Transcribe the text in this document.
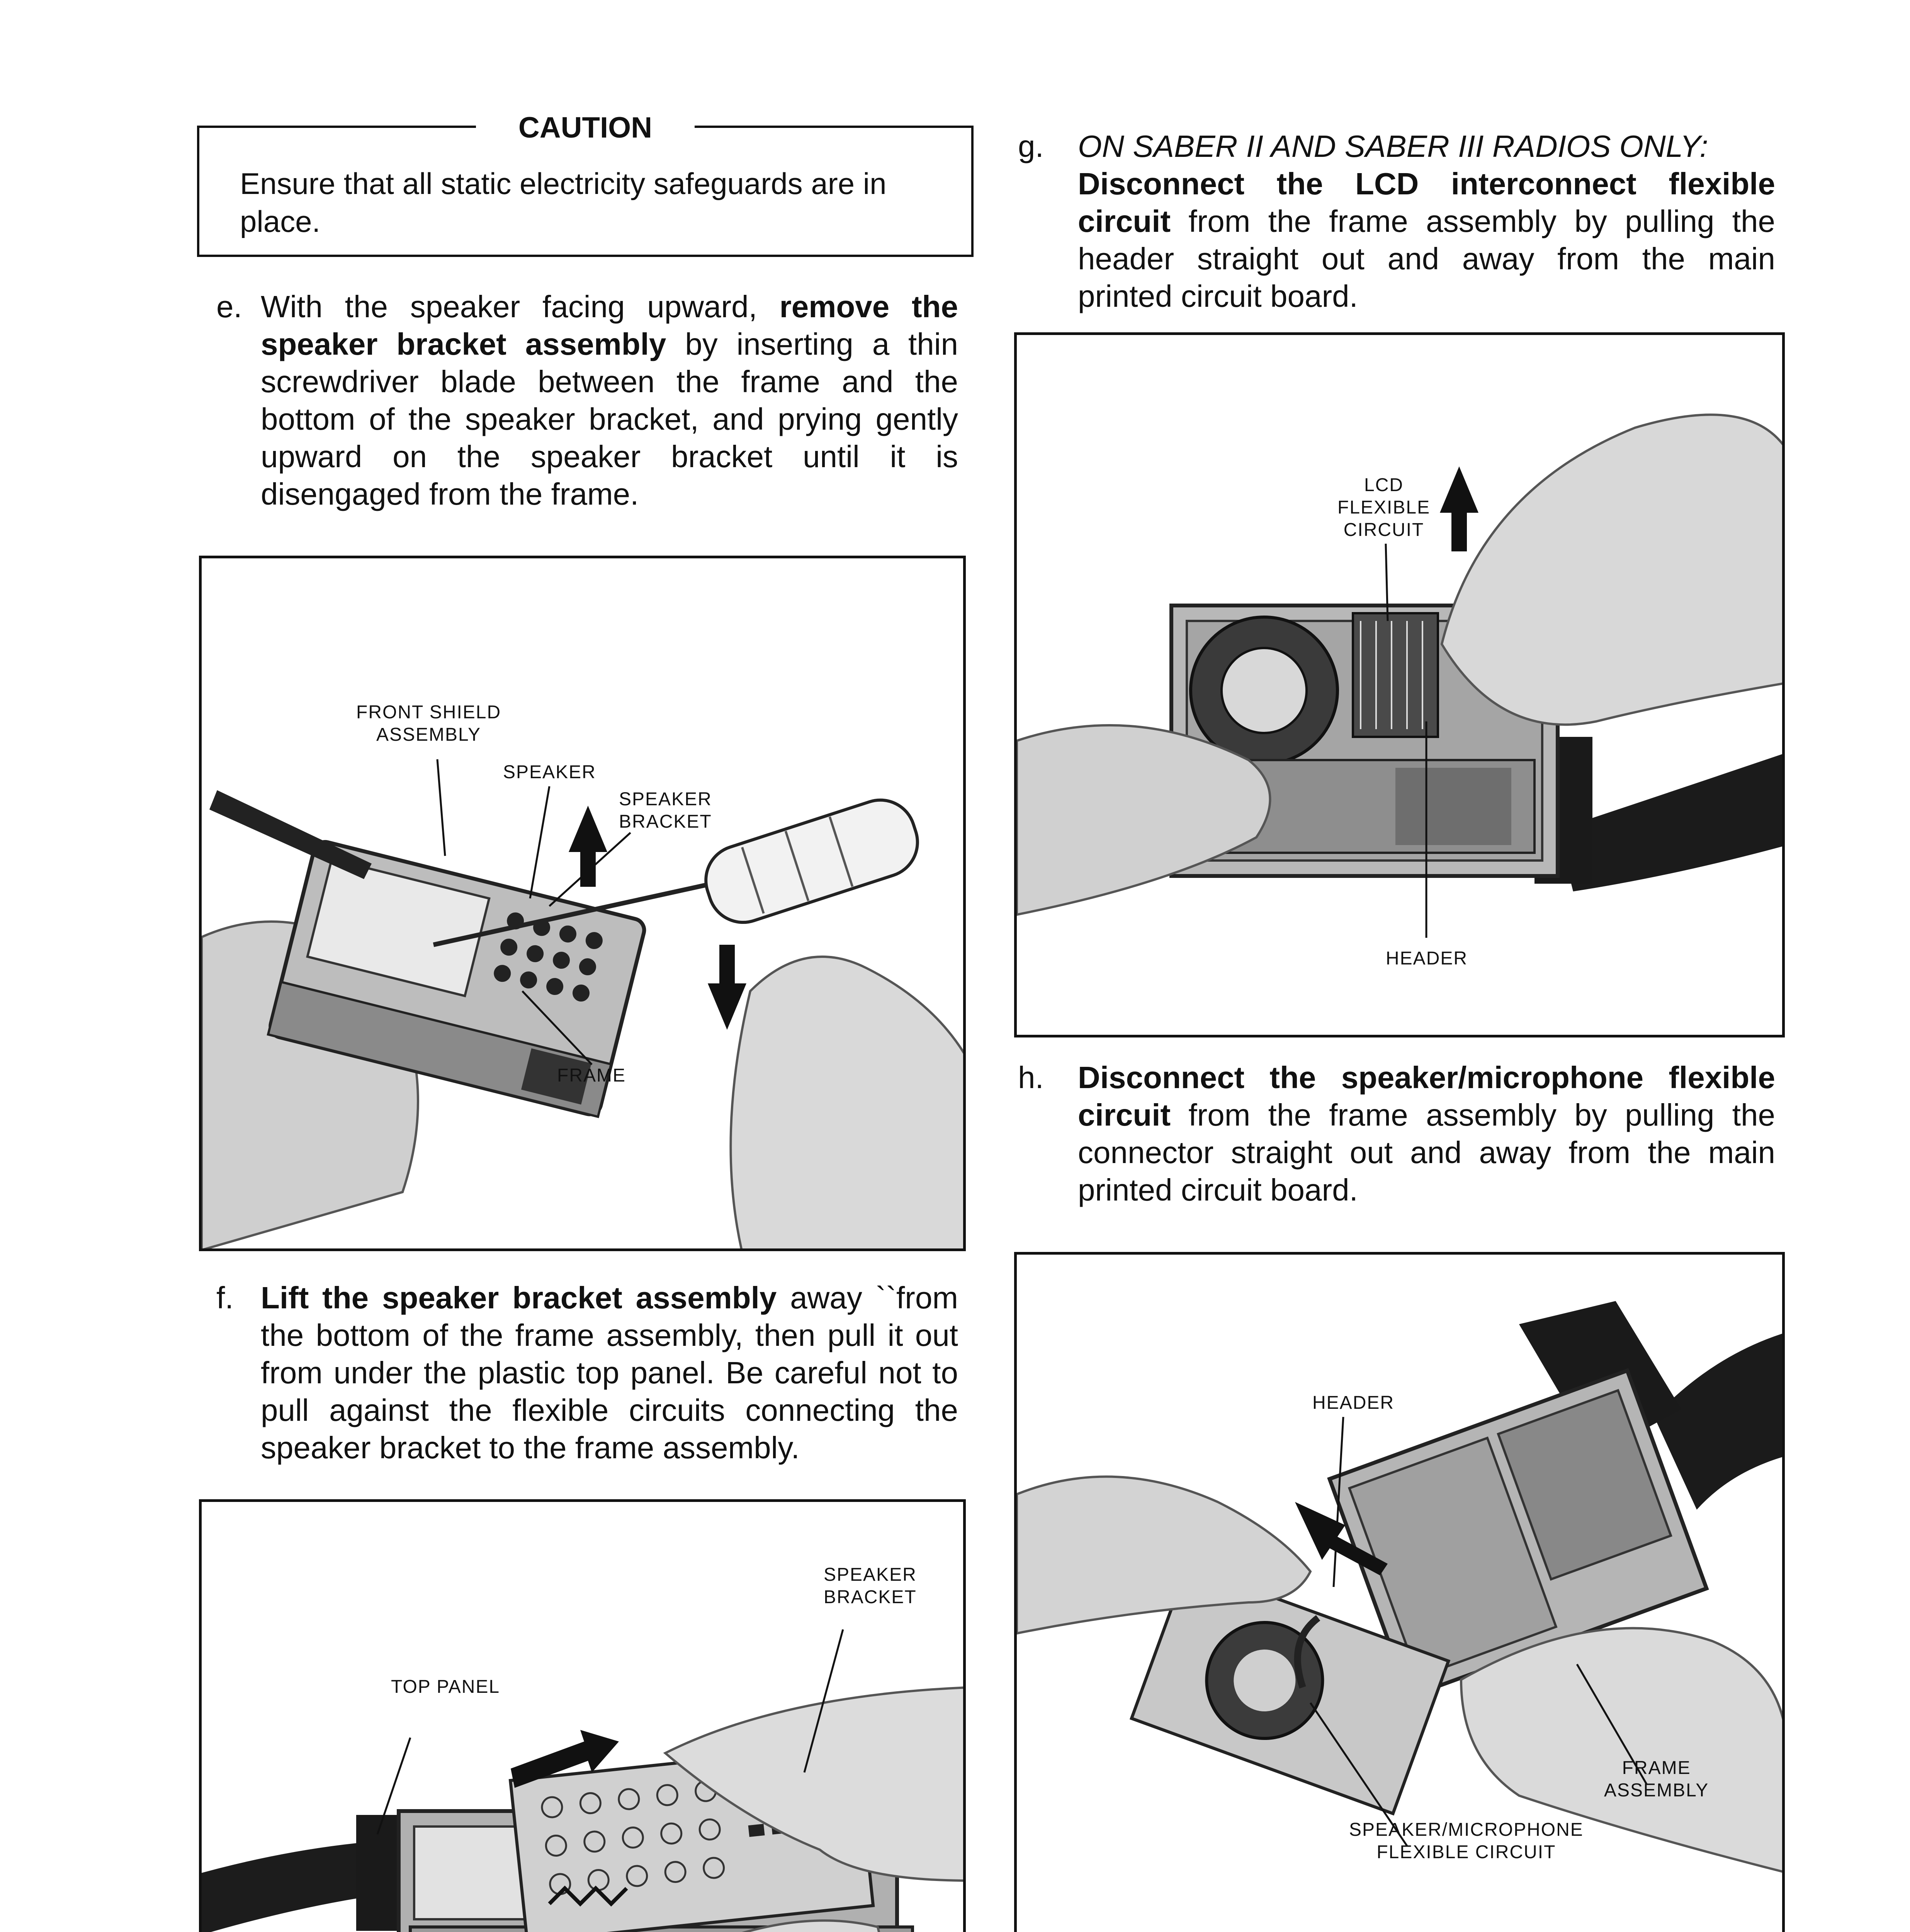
CAUTION
Ensure that all static electricity safeguards are in place.
e. With the speaker facing upward, remove the speaker bracket assembly by inserting a thin screwdriver blade between the frame and the bottom of the speaker bracket, and prying gently upward on the speaker bracket until it is disengaged from the frame.
FRONT SHIELD
ASSEMBLY
SPEAKER
SPEAKER
BRACKET
FRAME
f. Lift the speaker bracket assembly away ``from the bottom of the frame assembly, then pull it out from under the plastic top panel. Be careful not to pull against the flexible circuits connecting the speaker bracket to the frame assembly.
SPEAKER
BRACKET
TOP PANEL
g. ON SABER II AND SABER III RADIOS ONLY:
Disconnect the LCD interconnect flexible circuit from the frame assembly by pulling the header straight out and away from the main printed circuit board.
LCD
FLEXIBLE
CIRCUIT
HEADER
h. Disconnect the speaker/microphone flexible circuit from the frame assembly by pulling the connector straight out and away from the main printed circuit board.
HEADER
FRAME
ASSEMBLY
SPEAKER/MICROPHONE
FLEXIBLE CIRCUIT
